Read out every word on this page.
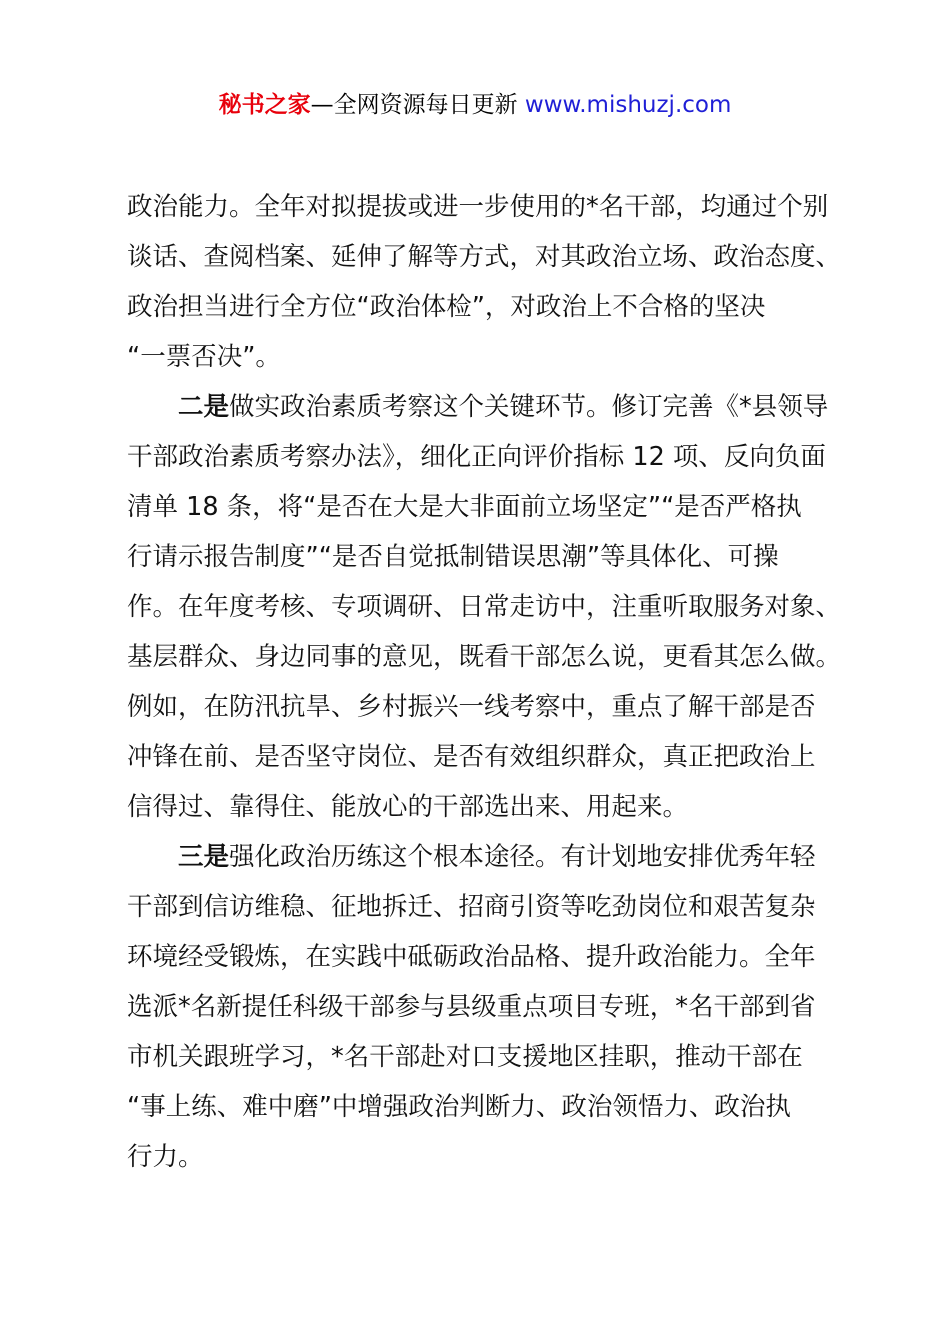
秘书之家—全网资源每日更新 www.mishuzj.com
政治能力。全年对拟提拔或进一步使用的*名干部，均通过个别
谈话、查阅档案、延伸了解等方式，对其政治立场、政治态度、
政治担当进行全方位“政治体检”，对政治上不合格的坚决
“一票否决”。
二是做实政治素质考察这个关键环节。修订完善《*县领导
干部政治素质考察办法》，细化正向评价指标 12 项、反向负面
清单 18 条，将“是否在大是大非面前立场坚定”“是否严格执
行请示报告制度”“是否自觉抵制错误思潮”等具体化、可操
作。在年度考核、专项调研、日常走访中，注重听取服务对象、
基层群众、身边同事的意见，既看干部怎么说，更看其怎么做。
例如，在防汛抗旱、乡村振兴一线考察中，重点了解干部是否
冲锋在前、是否坚守岗位、是否有效组织群众，真正把政治上
信得过、靠得住、能放心的干部选出来、用起来。
三是强化政治历练这个根本途径。有计划地安排优秀年轻
干部到信访维稳、征地拆迁、招商引资等吃劲岗位和艰苦复杂
环境经受锻炼，在实践中砥砺政治品格、提升政治能力。全年
选派*名新提任科级干部参与县级重点项目专班，*名干部到省
市机关跟班学习，*名干部赴对口支援地区挂职，推动干部在
“事上练、难中磨”中增强政治判断力、政治领悟力、政治执
行力。
